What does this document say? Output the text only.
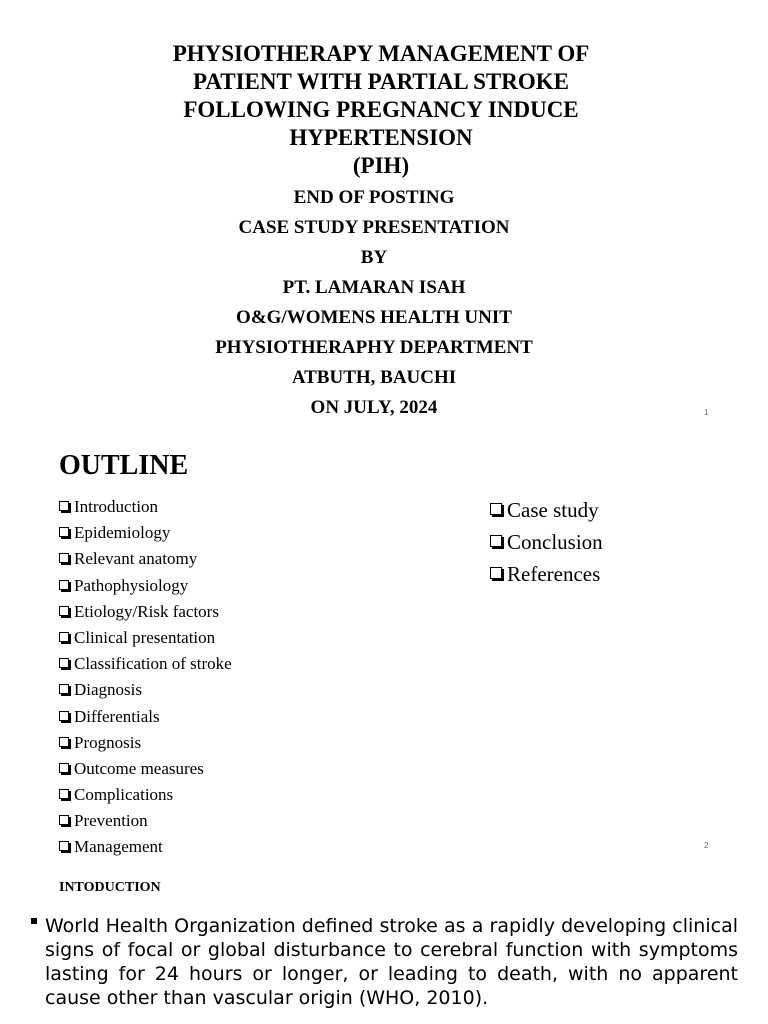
PHYSIOTHERAPY MANAGEMENT OF
PATIENT WITH PARTIAL STROKE
FOLLOWING PREGNANCY INDUCE
HYPERTENSION
(PIH)
END OF POSTING
CASE STUDY PRESENTATION
BY
PT. LAMARAN ISAH
O&G/WOMENS HEALTH UNIT
PHYSIOTHERAPHY DEPARTMENT
ATBUTH, BAUCHI
ON JULY, 2024	1
OUTLINE
Introduction
Epidemiology
Relevant anatomy
Pathophysiology
Etiology/Risk factors
Clinical presentation
Classification of stroke
Diagnosis
Differentials
Prognosis
Outcome measures
Complications
Prevention
Management
Case study
Conclusion
References
2
INTODUCTION

World Health Organization defined stroke as a rapidly developing clinical signs of focal or global disturbance to cerebral function with symptoms lasting for 24 hours or longer, or leading to death, with no apparent cause other than vascular origin (WHO, 2010).
